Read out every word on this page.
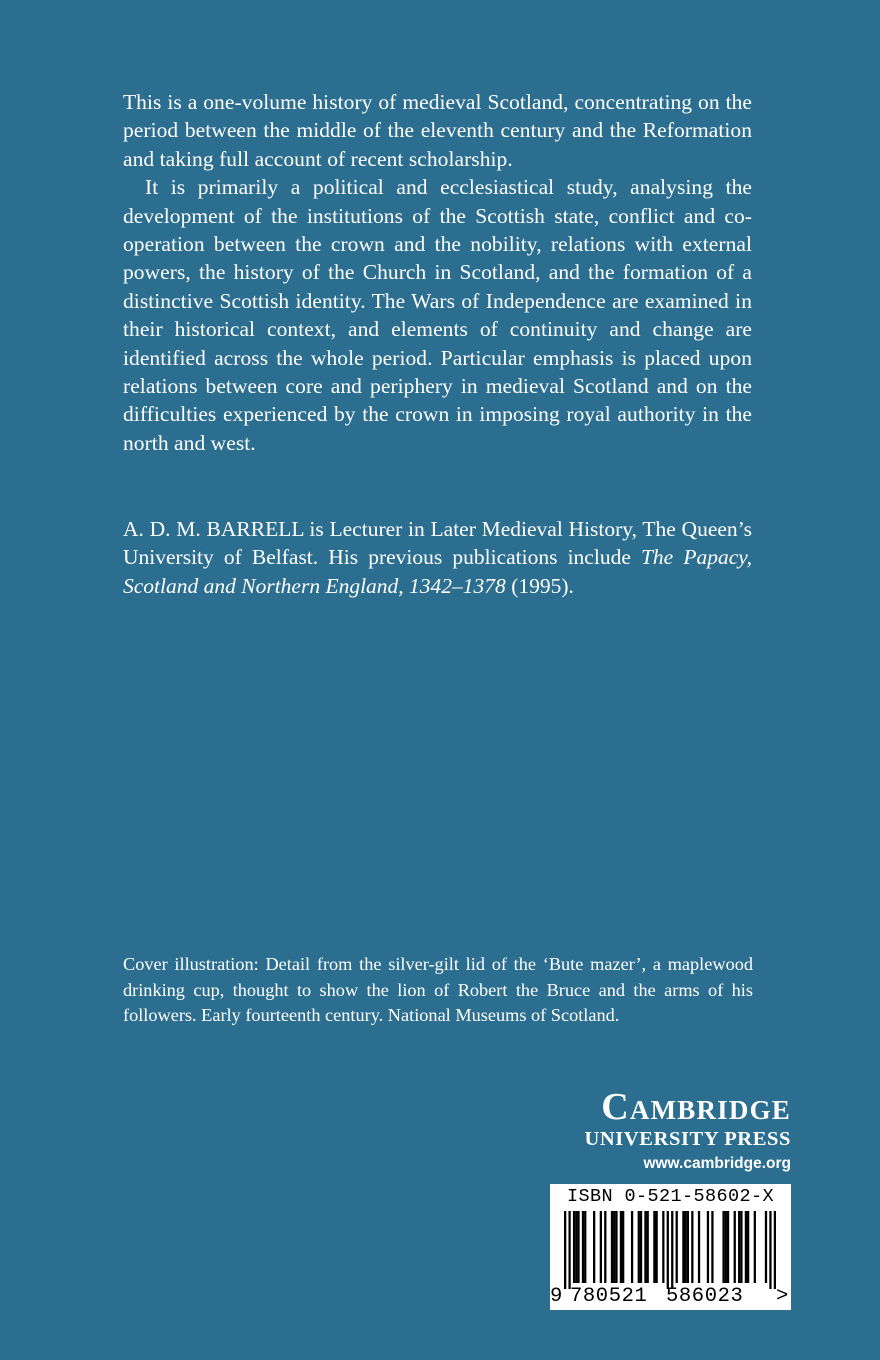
This is a one-volume history of medieval Scotland, concentrating on the period between the middle of the eleventh century and the Reformation and taking full account of recent scholarship.

It is primarily a political and ecclesiastical study, analysing the development of the institutions of the Scottish state, conflict and co-operation between the crown and the nobility, relations with external powers, the history of the Church in Scotland, and the formation of a distinctive Scottish identity. The Wars of Independence are examined in their historical context, and elements of continuity and change are identified across the whole period. Particular emphasis is placed upon relations between core and periphery in medieval Scotland and on the difficulties experienced by the crown in imposing royal authority in the north and west.

A. D. M. BARRELL is Lecturer in Later Medieval History, The Queen’s University of Belfast. His previous publications include The Papacy, Scotland and Northern England, 1342–1378 (1995).

Cover illustration: Detail from the silver-gilt lid of the ‘Bute mazer’, a maplewood drinking cup, thought to show the lion of Robert the Bruce and the arms of his followers. Early fourteenth century. National Museums of Scotland.

Cambridge
UNIVERSITY PRESS
www.cambridge.org
ISBN 0-521-58602-X
9 780521 586023 >
